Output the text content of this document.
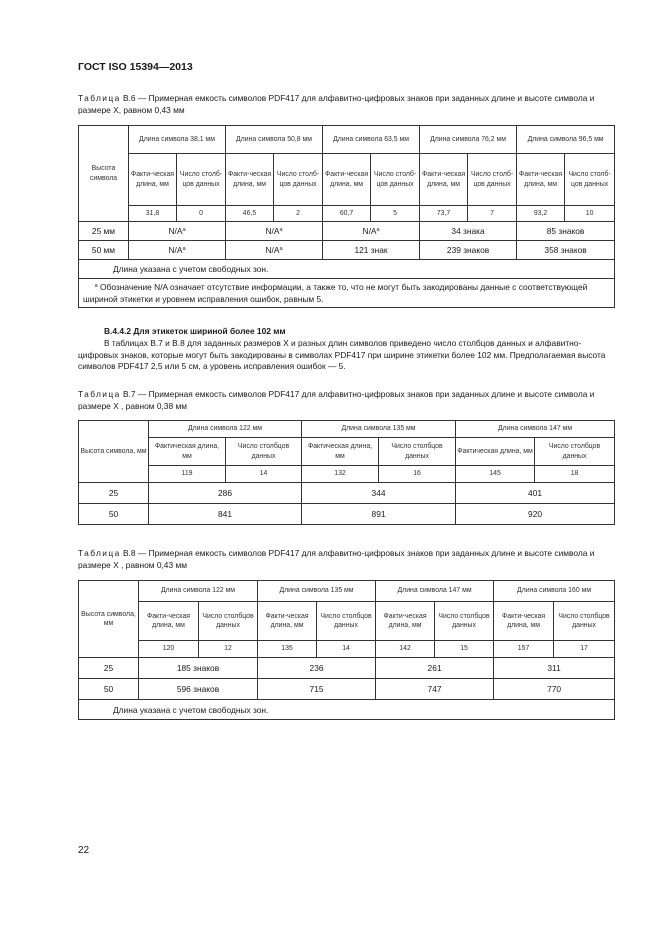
ГОСТ ISO 15394—2013
Таблица В.6 — Примерная емкость символов PDF417 для алфавитно-цифровых знаков при заданных длине и высоте символа и размере X, равном 0,43 мм
Высота символа	Длина символа 38,1 мм		Длина символа 50,8 мм		Длина символа 63,5 мм		Длина символа 76,2 мм		Длина символа 96,5 мм	
	Факти-ческая длина, мм	Число столб-цов данных	Факти-ческая длина, мм	Число столб-цов данных	Факти-ческая длина, мм	Число столб-цов данных	Факти-ческая длина, мм	Число столб-цов данных	Факти-ческая длина, мм	Число столб-цов данных
	31,8	0	46,5	2	60,7	5	73,7	7	93,2	10
25 мм	$N/A^a$		$N/A^a$		$N/A^a$		34 знака		85 знаков	
50 мм	$N/A^a$		$N/A^a$		121 знак		239 знаков		358 знаков	
Длина указана с учетом свободных зон.										
$^a$ Обозначение N/A означает отсутствие информации, а также то, что не могут быть закодированы данные с соответствующей шириной этикетки и уровнем исправления ошибок, равным 5.										
В.4.4.2 Для этикеток шириной более 102 мм
В таблицах В.7 и В.8 для заданных размеров X и разных длин символов приведено число столбцов данных и алфавитно-цифровых знаков, которые могут быть закодированы в символах PDF417 при ширине этикетки более 102 мм. Предполагаемая высота символов PDF417 2,5 или 5 см, а уровень исправления ошибок — 5.
Таблица В.7 — Примерная емкость символов PDF417 для алфавитно-цифровых знаков при заданных длине и высоте символа и размере X , равном 0,38 мм
Высота символа, мм	Длина символа 122 мм		Длина символа 135 мм		Длина символа 147 мм	
	Фактическая длина, мм	Число столбцов данных	Фактическая длина, мм	Число столбцов данных	Фактическая длина, мм	Число столбцов данных
	119	14	132	16	145	18
25	286		344		401	
50	841		891		920	
Таблица В.8 — Примерная емкость символов PDF417 для алфавитно-цифровых знаков при заданных длине и высоте символа и размере X , равном 0,43 мм
Высота символа, мм	Длина символа 122 мм		Длина символа 135 мм		Длина символа 147 мм		Длина символа 160 мм	
	Факти-ческая длина, мм	Число столбцов данных	Факти-ческая длина, мм	Число столбцов данных	Факти-ческая длина, мм	Число столбцов данных	Факти-ческая длина, мм	Число столбцов данных
	120	12	135	14	142	15	157	17
25	185 знаков		236		261		311	
50	596 знаков		715		747		770	
Длина указана с учетом свободных зон.								
22
